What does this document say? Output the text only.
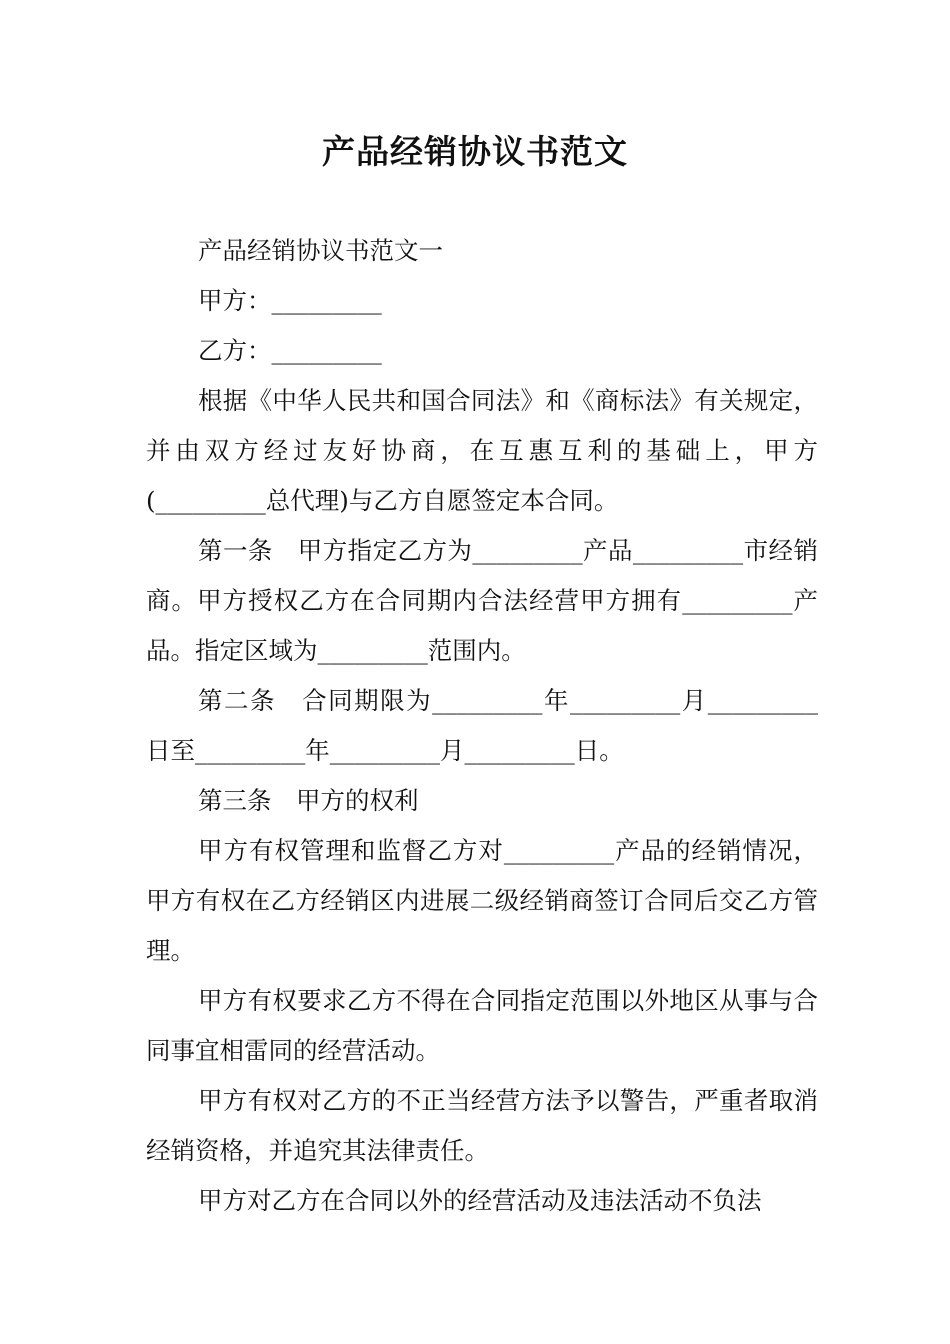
产品经销协议书范文

产品经销协议书范文一

甲方：_________

乙方：_________

根据《中华人民共和国合同法》和《商标法》有关规定，并由双方经过友好协商，在互惠互利的基础上，甲方(_________总代理)与乙方自愿签定本合同。

第一条　甲方指定乙方为_________产品_________市经销商。甲方授权乙方在合同期内合法经营甲方拥有_________产品。指定区域为_________范围内。

第二条　合同期限为_________年_________月_________日至_________年_________月_________日。

第三条　甲方的权利

甲方有权管理和监督乙方对_________产品的经销情况，甲方有权在乙方经销区内进展二级经销商签订合同后交乙方管理。

甲方有权要求乙方不得在合同指定范围以外地区从事与合同事宜相雷同的经营活动。

甲方有权对乙方的不正当经营方法予以警告，严重者取消经销资格，并追究其法律责任。

甲方对乙方在合同以外的经营活动及违法活动不负法
